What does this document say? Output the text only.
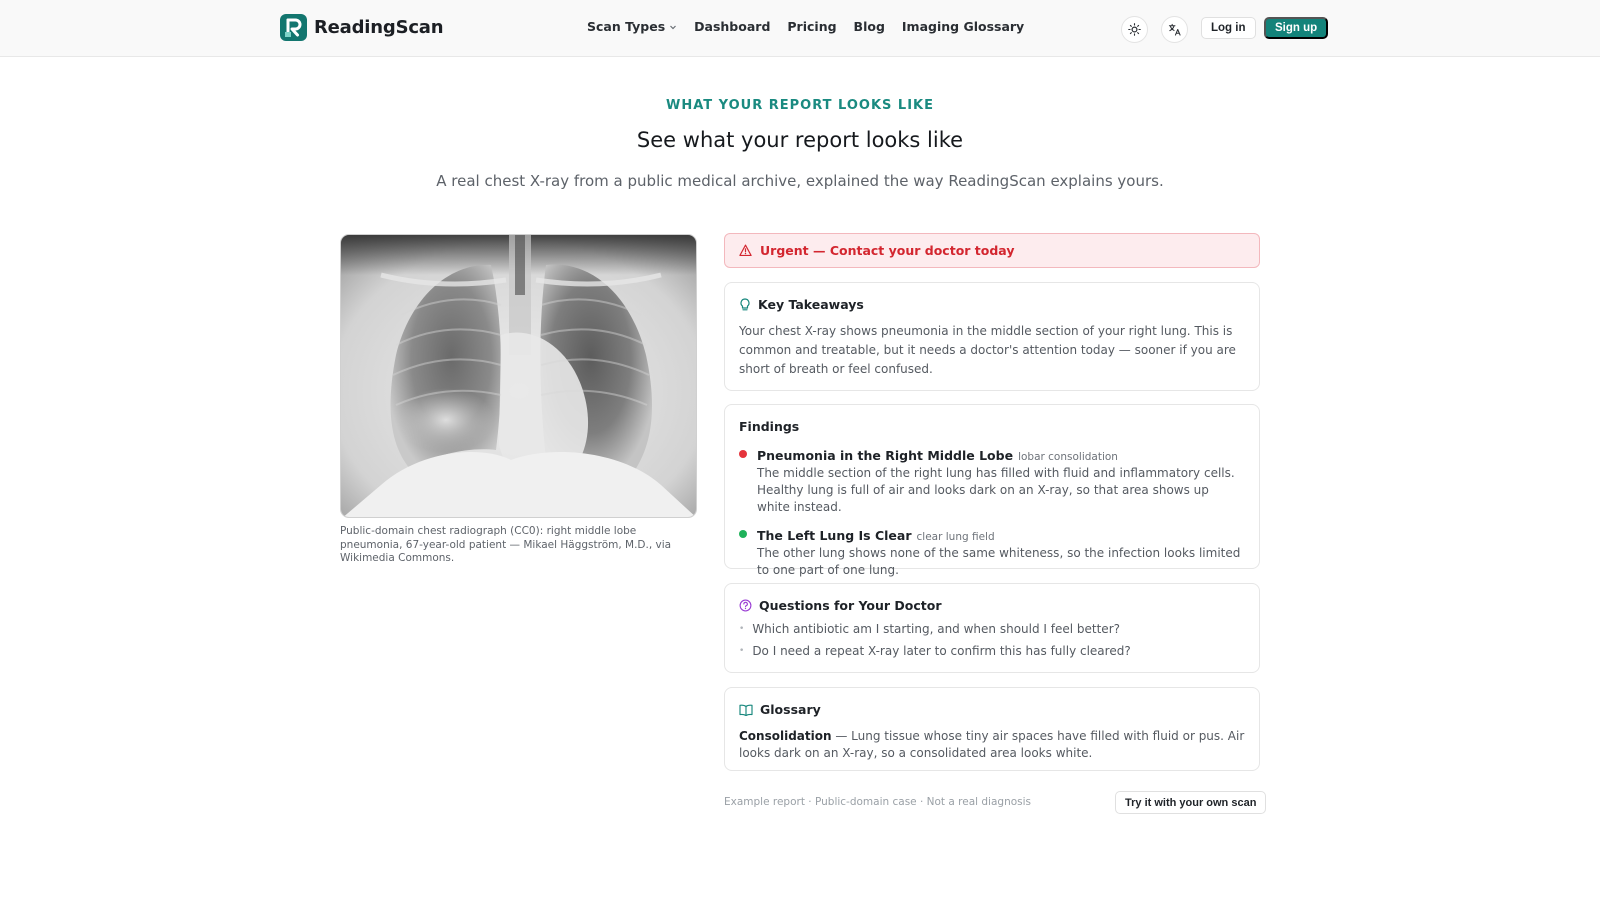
ReadingScan	Scan Types Dashboard Pricing Blog Imaging Glossary	Log in	Sign up
WHAT YOUR REPORT LOOKS LIKE
See what your report looks like

A real chest X-ray from a public medical archive, explained the way ReadingScan explains yours.

Public-domain chest radiograph (CC0): right middle lobe pneumonia, 67-year-old patient — Mikael Häggström, M.D., via Wikimedia Commons.

Urgent — Contact your doctor today
Key Takeaways

Your chest X-ray shows pneumonia in the middle section of your right lung. This is common and treatable, but it needs a doctor's attention today — sooner if you are short of breath or feel confused.

Findings
Pneumonia in the Right Middle Lobe lobar consolidation

The middle section of the right lung has filled with fluid and inflammatory cells. Healthy lung is full of air and looks dark on an X-ray, so that area shows up white instead.

The Left Lung Is Clear clear lung field

The other lung shows none of the same whiteness, so the infection looks limited to one part of one lung.

Questions for Your Doctor
• Which antibiotic am I starting, and when should I feel better?
• Do I need a repeat X-ray later to confirm this has fully cleared?
Glossary

Consolidation — Lung tissue whose tiny air spaces have filled with fluid or pus. Air looks dark on an X-ray, so a consolidated area looks white.

Example report · Public-domain case · Not a real diagnosis	Try it with your own scan
